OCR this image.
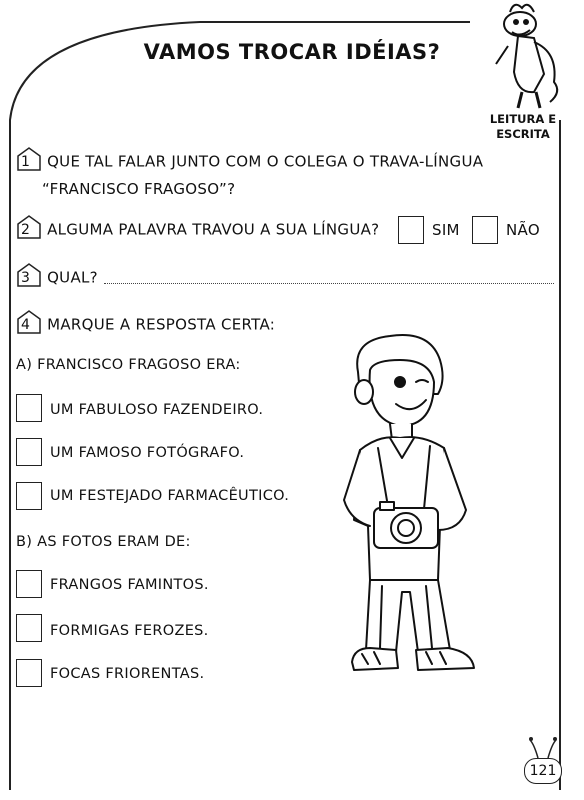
VAMOS TROCAR IDÉIAS?
LEITURA E
ESCRITA
1 QUE TAL FALAR JUNTO COM O COLEGA O TRAVA-LÍNGUA
“FRANCISCO FRAGOSO”?
2 ALGUMA PALAVRA TRAVOU A SUA LÍNGUA?	SIM	NÃO
3 QUAL?
4 MARQUE A RESPOSTA CERTA:
A) FRANCISCO FRAGOSO ERA:
UM FABULOSO FAZENDEIRO.
UM FAMOSO FOTÓGRAFO.
UM FESTEJADO FARMACÊUTICO.
B) AS FOTOS ERAM DE:
FRANGOS FAMINTOS.
FORMIGAS FEROZES.
FOCAS FRIORENTAS.
121
